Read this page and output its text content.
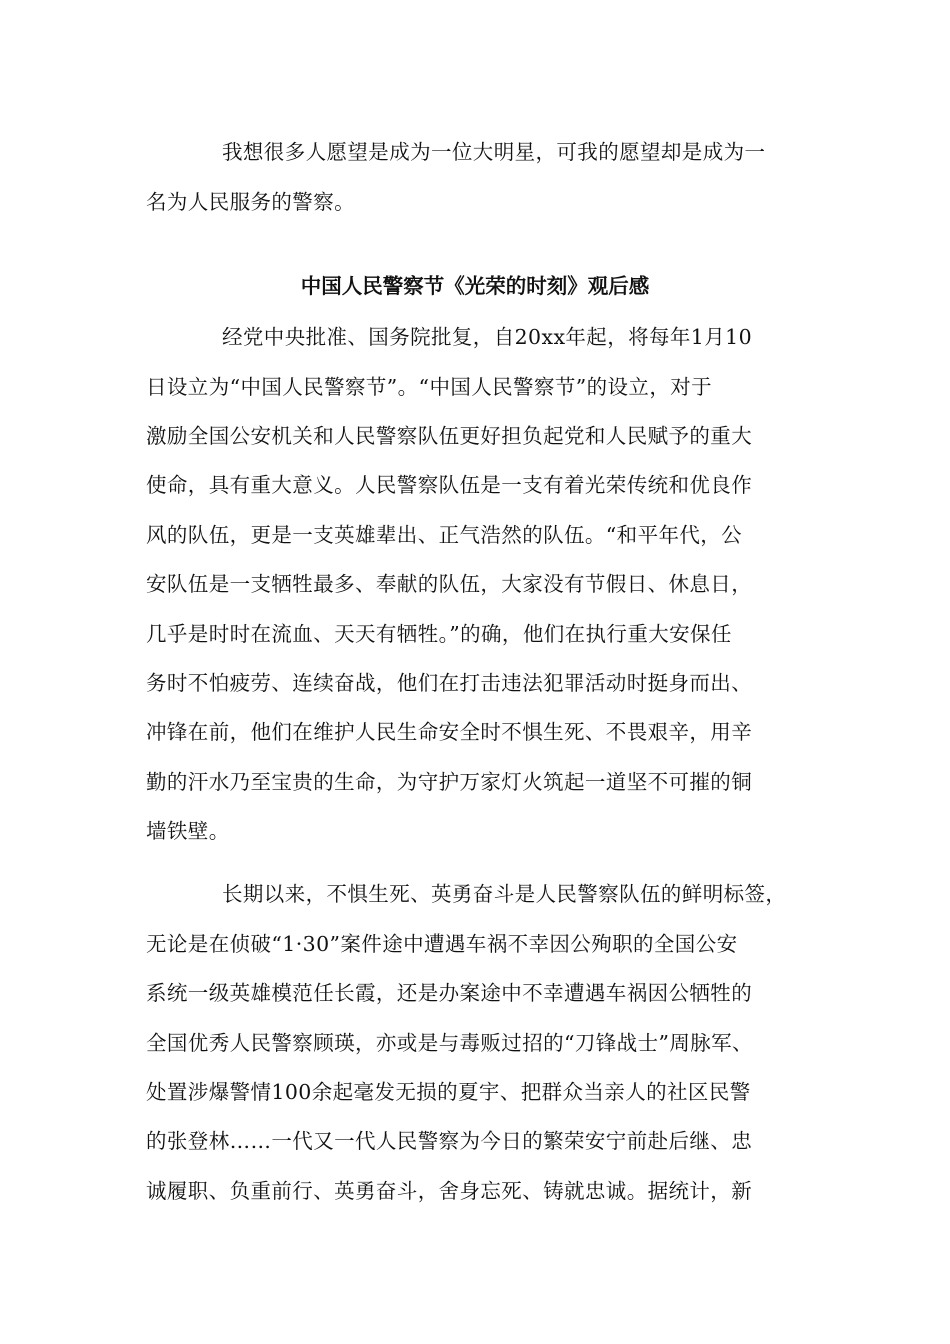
我想很多人愿望是成为一位大明星，可我的愿望却是成为一
名为人民服务的警察。
中国人民警察节《光荣的时刻》观后感
经党中央批准、国务院批复，自20xx年起，将每年1月10
日设立为“中国人民警察节”。“中国人民警察节”的设立，对于
激励全国公安机关和人民警察队伍更好担负起党和人民赋予的重大
使命，具有重大意义。人民警察队伍是一支有着光荣传统和优良作
风的队伍，更是一支英雄辈出、正气浩然的队伍。“和平年代，公
安队伍是一支牺牲最多、奉献的队伍，大家没有节假日、休息日，
几乎是时时在流血、天天有牺牲。”的确，他们在执行重大安保任
务时不怕疲劳、连续奋战，他们在打击违法犯罪活动时挺身而出、
冲锋在前，他们在维护人民生命安全时不惧生死、不畏艰辛，用辛
勤的汗水乃至宝贵的生命，为守护万家灯火筑起一道坚不可摧的铜
墙铁壁。
长期以来，不惧生死、英勇奋斗是人民警察队伍的鲜明标签，
无论是在侦破“1·30”案件途中遭遇车祸不幸因公殉职的全国公安
系统一级英雄模范任长霞，还是办案途中不幸遭遇车祸因公牺牲的
全国优秀人民警察顾瑛，亦或是与毒贩过招的“刀锋战士”周脉军、
处置涉爆警情100余起毫发无损的夏宇、把群众当亲人的社区民警
的张登林……一代又一代人民警察为今日的繁荣安宁前赴后继、忠
诚履职、负重前行、英勇奋斗，舍身忘死、铸就忠诚。据统计，新
